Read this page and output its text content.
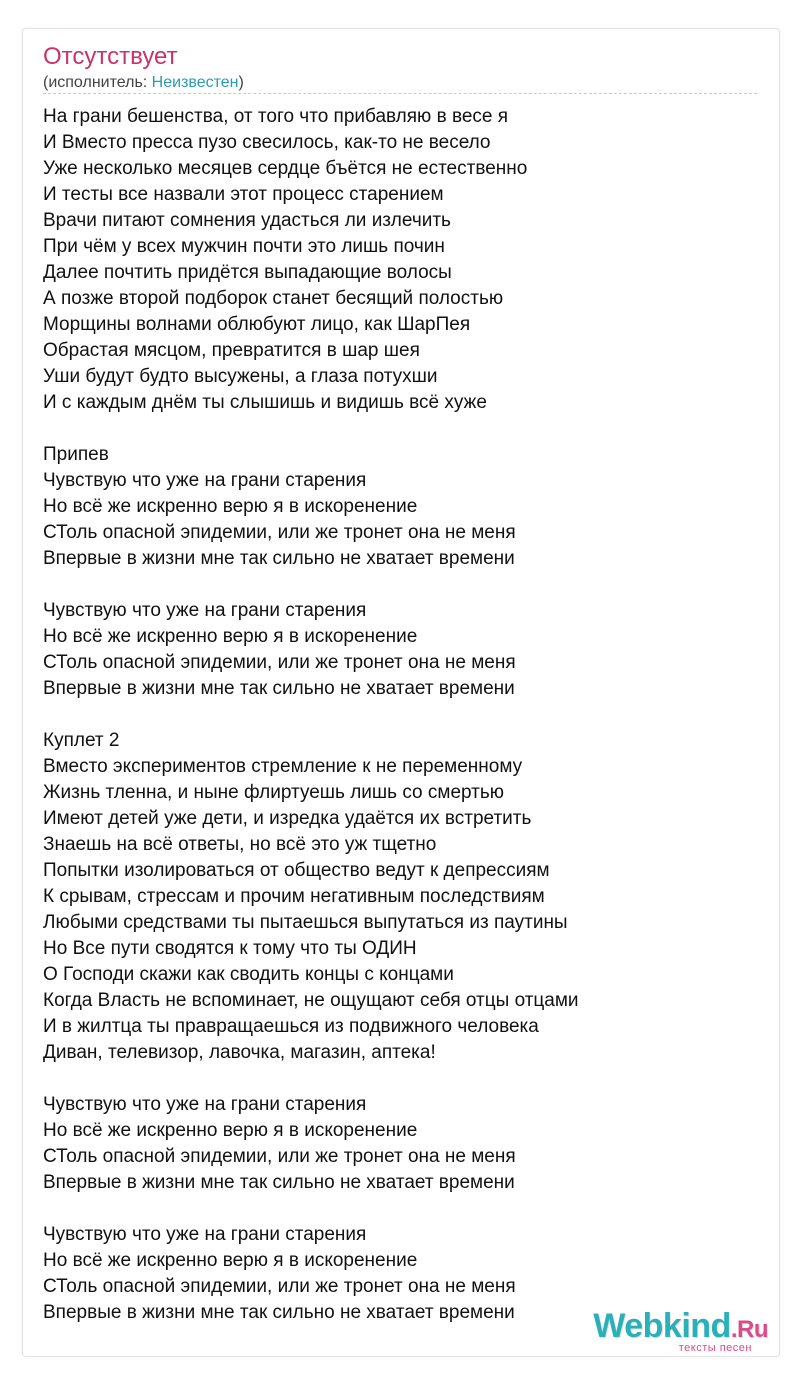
Отсутствует
(исполнитель: Неизвестен)
На грани бешенства, от того что прибавляю в весе я
И Вместо пресса пузо свесилось, как-то не весело
Уже несколько месяцев сердце бъётся не естественно
И тесты все назвали этот процесс старением
Врачи питают сомнения удасться ли излечить
При чём у всех мужчин почти это лишь почин
Далее почтить придётся выпадающие волосы
А позже второй подборок станет бесящий полостью
Морщины волнами облюбуют лицо, как ШарПея
Обрастая мясцом, превратится в шар шея
Уши будут будто высужены, а глаза потухши
И с каждым днём ты слышишь и видишь всё хуже
Припев
Чувствую что уже на грани старения
Но всё же искренно верю я в искоренение
СТоль опасной эпидемии, или же тронет она не меня
Впервые в жизни мне так сильно не хватает времени
Чувствую что уже на грани старения
Но всё же искренно верю я в искоренение
СТоль опасной эпидемии, или же тронет она не меня
Впервые в жизни мне так сильно не хватает времени
Куплет 2
Вместо экспериментов стремление к не переменному
Жизнь тленна, и ныне флиртуешь лишь со смертью
Имеют детей уже дети, и изредка удаётся их встретить
Знаешь на всё ответы, но всё это уж тщетно
Попытки изолироваться от общество ведут к депрессиям
К срывам, стрессам и прочим негативным последствиям
Любыми средствами ты пытаешься выпутаться из паутины
Но Все пути сводятся к тому что ты ОДИН
О Господи скажи как сводить концы с концами
Когда Власть не вспоминает, не ощущают себя отцы отцами
И в жилтца ты правращаешься из подвижного человека
Диван, телевизор, лавочка, магазин, аптека!
Чувствую что уже на грани старения
Но всё же искренно верю я в искоренение
СТоль опасной эпидемии, или же тронет она не меня
Впервые в жизни мне так сильно не хватает времени
Чувствую что уже на грани старения
Но всё же искренно верю я в искоренение
СТоль опасной эпидемии, или же тронет она не меня
Впервые в жизни мне так сильно не хватает времени	Webkind.Ru
тексты песен
